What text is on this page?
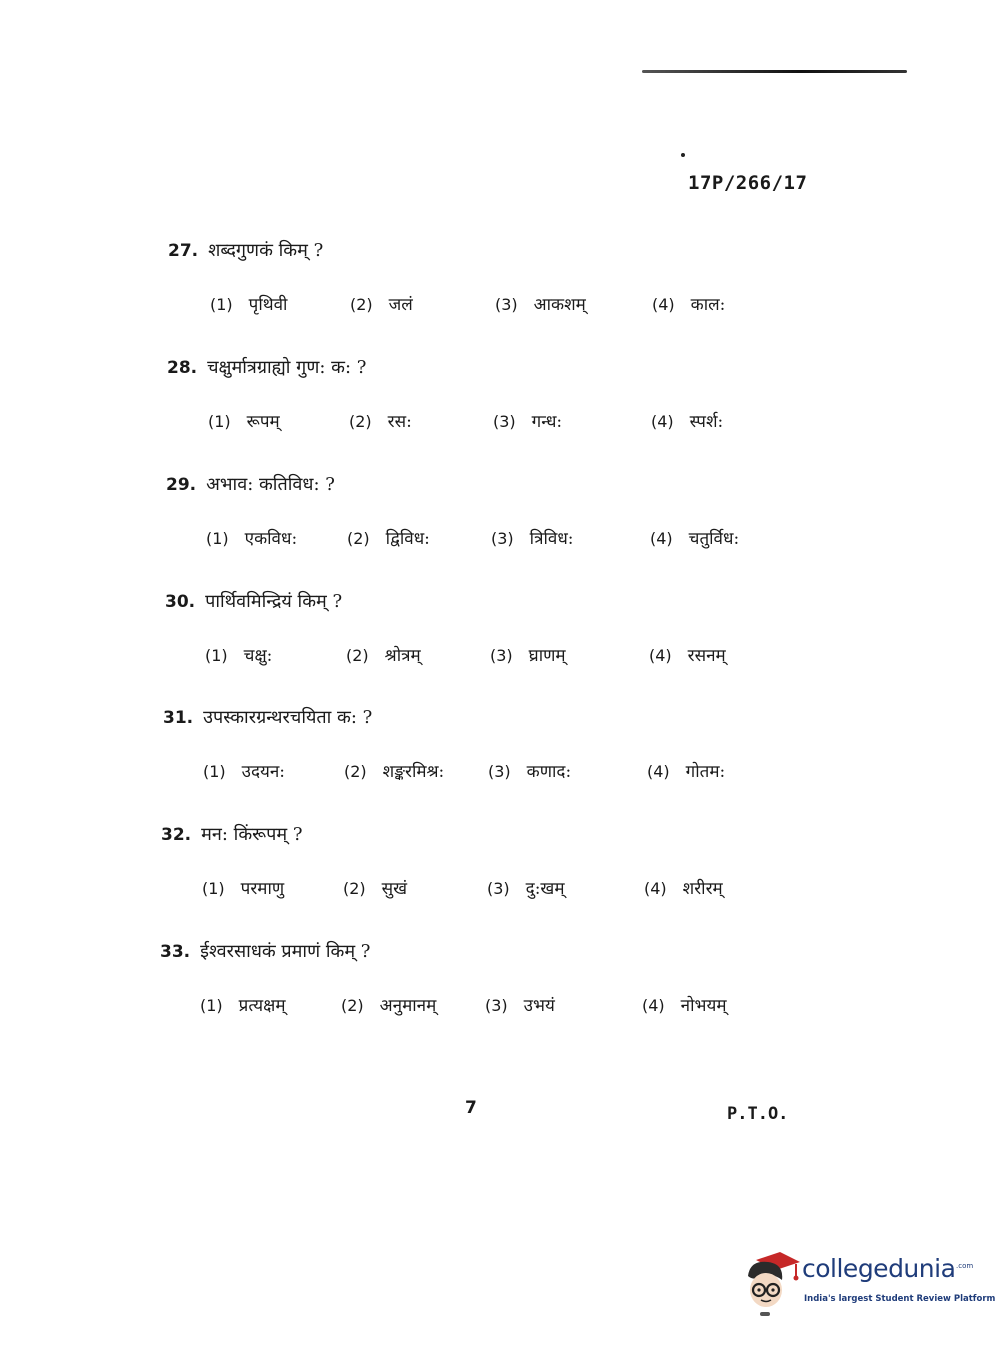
17P/266/17
27. शब्दगुणकं किम् ?
(1) पृथिवी	(2) जलं	(3) आकशम्	(4) काल:
28. चक्षुर्मात्रग्राह्यो गुण: क: ?
(1) रूपम्	(2) रस:	(3) गन्ध:	(4) स्पर्श:
29. अभाव: कतिविध: ?
(1) एकविध:	(2) द्विविध:	(3) त्रिविध:	(4) चतुर्विध:
30. पार्थिवमिन्द्रियं किम् ?
(1) चक्षु:	(2) श्रोत्रम्	(3) घ्राणम्	(4) रसनम्
31. उपस्कारग्रन्थरचयिता क: ?
(1) उदयन:	(2) शङ्करमिश्र:	(3) कणाद:	(4) गोतम:
32. मन: किंरूपम् ?
(1) परमाणु	(2) सुखं	(3) दु:खम्	(4) शरीरम्
33. ईश्वरसाधकं प्रमाणं किम् ?
(1) प्रत्यक्षम्	(2) अनुमानम्	(3) उभयं	(4) नोभयम्
7	P.T.O.
collegedunia .com
India's largest Student Review Platform
